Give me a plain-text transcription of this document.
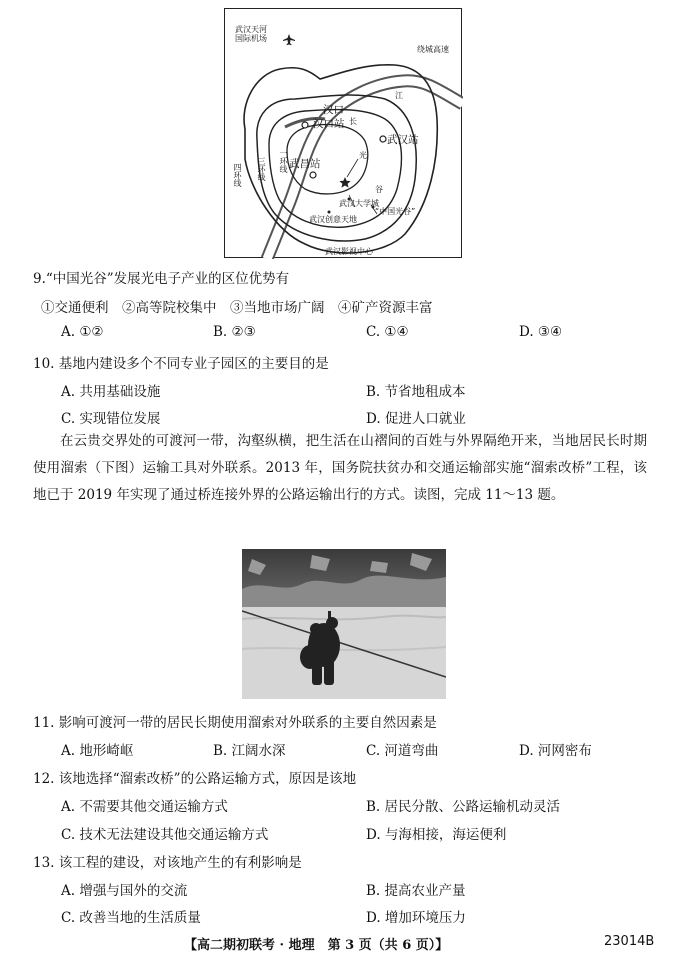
武汉天河
国际机场
绕城高速
汉口
汉口站 长
江
武汉站
武昌站
一环线
三环线
四环线
光
谷
武汉大学城
“中国光谷”
武汉创意天地
武汉影视中心
9.“中国光谷”发展光电子产业的区位优势有
①交通便利　②高等院校集中　③当地市场广阔　④矿产资源丰富
A. ①②	B. ②③	C. ①④	D. ③④
10. 基地内建设多个不同专业子园区的主要目的是
A. 共用基础设施	B. 节省地租成本
C. 实现错位发展	D. 促进人口就业

在云贵交界处的可渡河一带，沟壑纵横，把生活在山褶间的百姓与外界隔绝开来，当地居民长时期使用溜索（下图）运输工具对外联系。2013 年，国务院扶贫办和交通运输部实施“溜索改桥”工程，该地已于 2019 年实现了通过桥连接外界的公路运输出行的方式。读图，完成 11～13 题。

11. 影响可渡河一带的居民长期使用溜索对外联系的主要自然因素是
A. 地形崎岖	B. 江阔水深	C. 河道弯曲	D. 河网密布
12. 该地选择“溜索改桥”的公路运输方式，原因是该地
A. 不需要其他交通运输方式	B. 居民分散、公路运输机动灵活
C. 技术无法建设其他交通运输方式	D. 与海相接，海运便利
13. 该工程的建设，对该地产生的有利影响是
A. 增强与国外的交流	B. 提高农业产量
C. 改善当地的生活质量	D. 增加环境压力
【高二期初联考 · 地理　第 3 页（共 6 页）】	23014B
